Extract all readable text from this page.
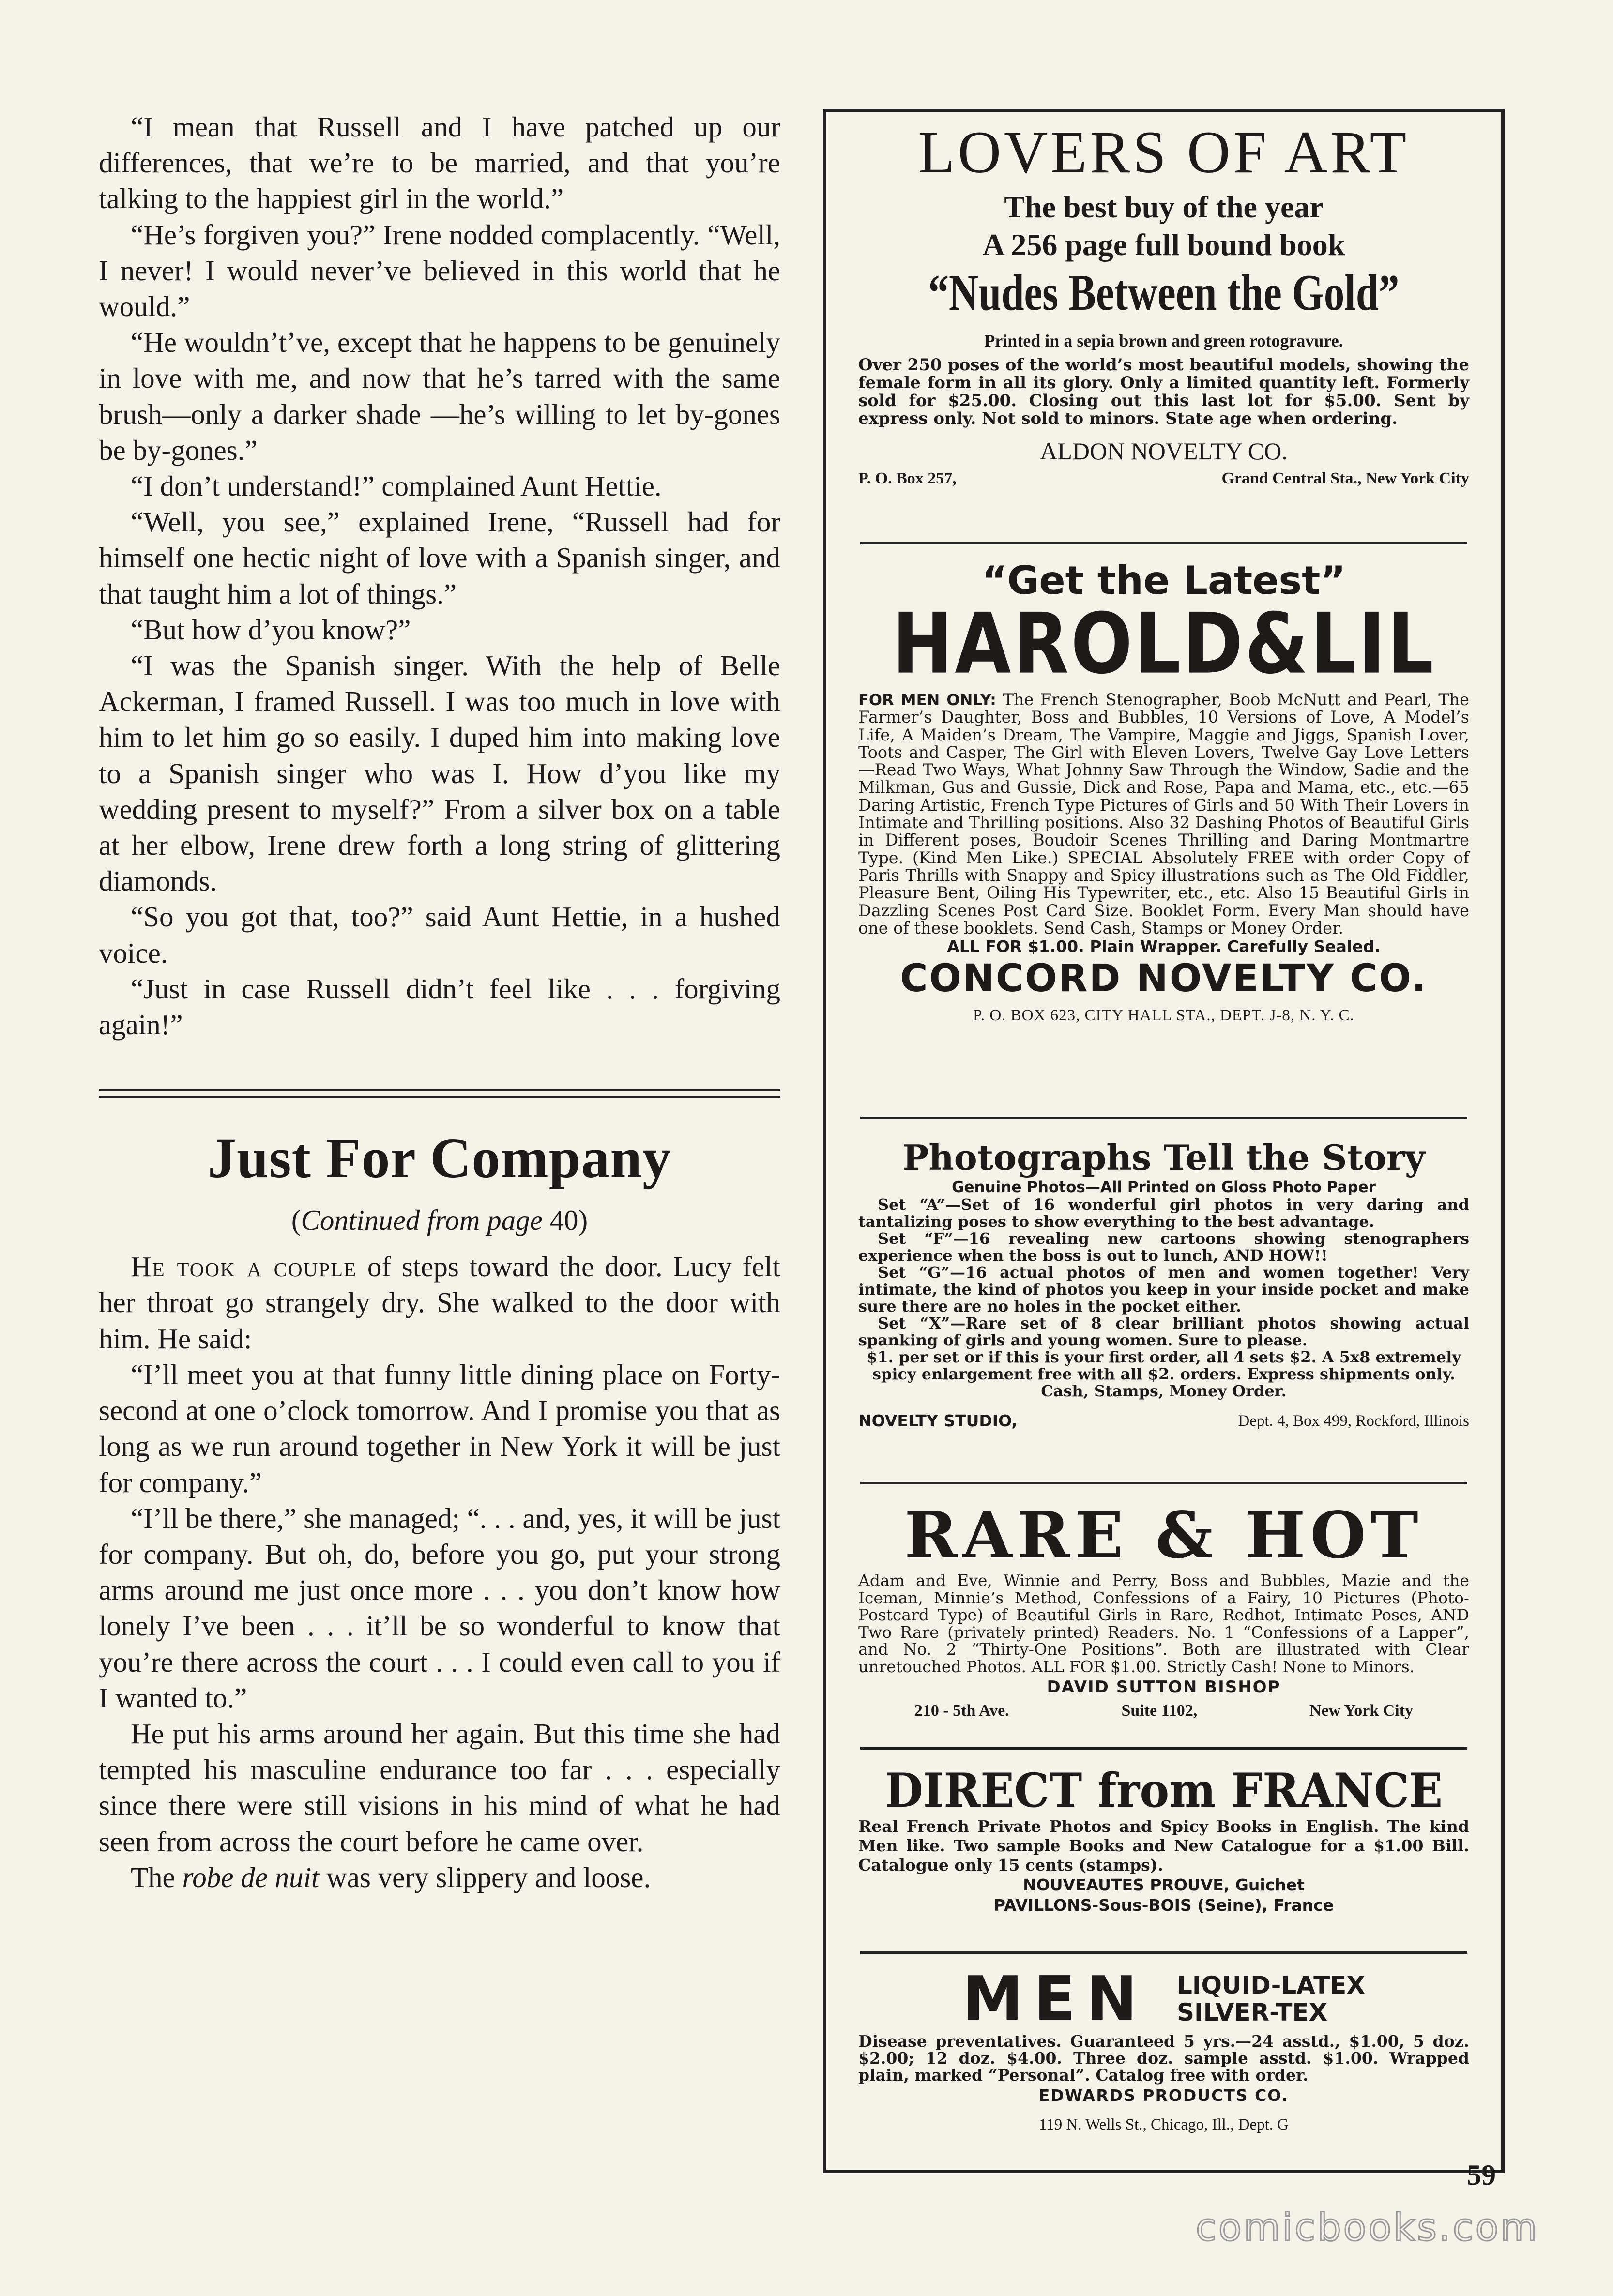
“I mean that Russell and I have patched up our differences, that we’re to be married, and that you’re talking to the happiest girl in the world.”

“He’s forgiven you?” Irene nodded complacently. “Well, I never! I would never’ve believed in this world that he would.”

“He wouldn’t’ve, except that he happens to be genuinely in love with me, and now that he’s tarred with the same brush—only a darker shade —he’s willing to let by-gones be by-gones.”

“I don’t understand!” complained Aunt Hettie.

“Well, you see,” explained Irene, “Russell had for himself one hectic night of love with a Spanish singer, and that taught him a lot of things.”

“But how d’you know?”

“I was the Spanish singer. With the help of Belle Ackerman, I framed Russell. I was too much in love with him to let him go so easily. I duped him into making love to a Spanish singer who was I. How d’you like my wedding present to myself?” From a silver box on a table at her elbow, Irene drew forth a long string of glittering diamonds.

“So you got that, too?” said Aunt Hettie, in a hushed voice.

“Just in case Russell didn’t feel like . . . forgiving again!”

Just For Company
(Continued from page 40)

He took a couple of steps toward the door. Lucy felt her throat go strangely dry. She walked to the door with him. He said:

“I’ll meet you at that funny little dining place on Forty-second at one o’clock tomorrow. And I promise you that as long as we run around together in New York it will be just for company.”

“I’ll be there,” she managed; “. . . and, yes, it will be just for company. But oh, do, before you go, put your strong arms around me just once more . . . you don’t know how lonely I’ve been . . . it’ll be so wonderful to know that you’re there across the court . . . I could even call to you if I wanted to.”

He put his arms around her again. But this time she had tempted his masculine endurance too far . . . especially since there were still visions in his mind of what he had seen from across the court before he came over.

The robe de nuit was very slippery and loose.

LOVERS OF ART
The best buy of the year
A 256 page full bound book
“Nudes Between the Gold”
Printed in a sepia brown and green rotogravure.
Over 250 poses of the world’s most beautiful models, showing the female form in all its glory. Only a limited quantity left. Formerly sold for $25.00. Closing out this last lot for $5.00. Sent by express only. Not sold to minors. State age when ordering.
ALDON NOVELTY CO.
P. O. Box 257,	Grand Central Sta., New York City
“Get the Latest”
HAROLD&LIL
FOR MEN ONLY: The French Stenographer, Boob McNutt and Pearl, The Farmer’s Daughter, Boss and Bubbles, 10 Versions of Love, A Model’s Life, A Maiden’s Dream, The Vampire, Maggie and Jiggs, Spanish Lover, Toots and Casper, The Girl with Eleven Lovers, Twelve Gay Love Letters —Read Two Ways, What Johnny Saw Through the Window, Sadie and the Milkman, Gus and Gussie, Dick and Rose, Papa and Mama, etc., etc.—65 Daring Artistic, French Type Pictures of Girls and 50 With Their Lovers in Intimate and Thrilling positions. Also 32 Dashing Photos of Beautiful Girls in Different poses, Boudoir Scenes Thrilling and Daring Montmartre Type. (Kind Men Like.) SPECIAL Absolutely FREE with order Copy of Paris Thrills with Snappy and Spicy illustrations such as The Old Fiddler, Pleasure Bent, Oiling His Typewriter, etc., etc. Also 15 Beautiful Girls in Dazzling Scenes Post Card Size. Booklet Form. Every Man should have one of these booklets. Send Cash, Stamps or Money Order.
ALL FOR $1.00. Plain Wrapper. Carefully Sealed.
CONCORD NOVELTY CO.
P. O. BOX 623, CITY HALL STA., DEPT. J-8, N. Y. C.
Photographs Tell the Story
Genuine Photos—All Printed on Gloss Photo Paper
Set “A”—Set of 16 wonderful girl photos in very daring and tantalizing poses to show everything to the best advantage.
Set “F”—16 revealing new cartoons showing stenographers experience when the boss is out to lunch, AND HOW!!
Set “G”—16 actual photos of men and women together! Very intimate, the kind of photos you keep in your inside pocket and make sure there are no holes in the pocket either.
Set “X”—Rare set of 8 clear brilliant photos showing actual spanking of girls and young women. Sure to please.
$1. per set or if this is your first order, all 4 sets $2. A 5x8 extremely spicy enlargement free with all $2. orders. Express shipments only. Cash, Stamps, Money Order.
NOVELTY STUDIO,	Dept. 4, Box 499, Rockford, Illinois
RARE & HOT
Adam and Eve, Winnie and Perry, Boss and Bubbles, Mazie and the Iceman, Minnie’s Method, Confessions of a Fairy, 10 Pictures (Photo-Postcard Type) of Beautiful Girls in Rare, Redhot, Intimate Poses, AND Two Rare (privately printed) Readers. No. 1 “Confessions of a Lapper”, and No. 2 “Thirty-One Positions”. Both are illustrated with Clear unretouched Photos. ALL FOR $1.00. Strictly Cash! None to Minors.
DAVID SUTTON BISHOP
210 - 5th Ave.	Suite 1102,	New York City
DIRECT from FRANCE
Real French Private Photos and Spicy Books in English. The kind Men like. Two sample Books and New Catalogue for a $1.00 Bill. Catalogue only 15 cents (stamps).
NOUVEAUTES PROUVE, Guichet
PAVILLONS-Sous-BOIS (Seine), France
MEN LIQUID-LATEX
SILVER-TEX
Disease preventatives. Guaranteed 5 yrs.—24 asstd., $1.00, 5 doz. $2.00; 12 doz. $4.00. Three doz. sample asstd. $1.00. Wrapped plain, marked “Personal”. Catalog free with order.
EDWARDS PRODUCTS CO.
119 N. Wells St., Chicago, Ill., Dept. G
59
comicbooks.com
